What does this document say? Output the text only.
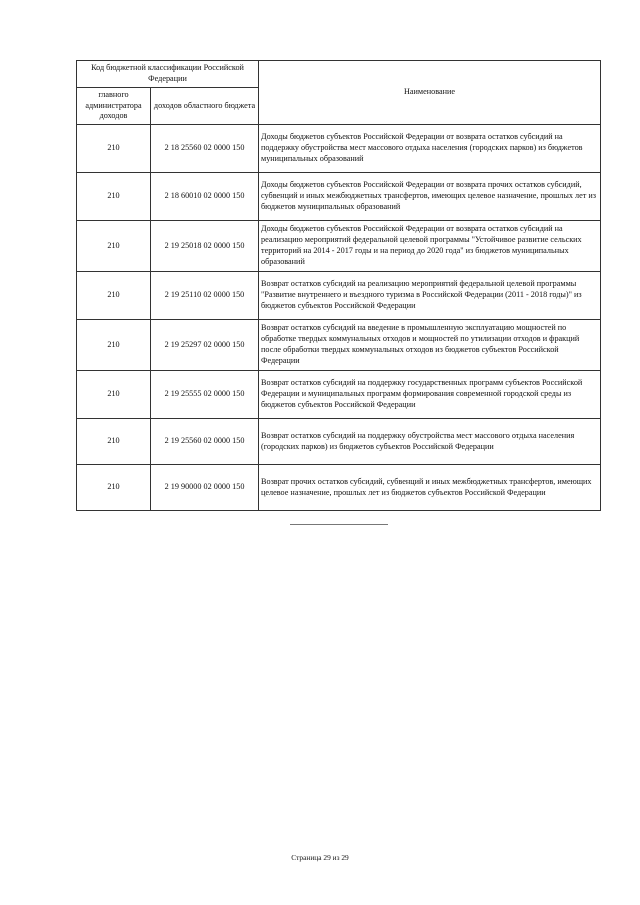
Код бюджетной классификации Российской Федерации		Наименование
главного администратора доходов	доходов областного бюджета	
210	2 18 25560 02 0000 150	Доходы бюджетов субъектов Российской Федерации от возврата остатков субсидий на поддержку обустройства мест массового отдыха населения (городских парков) из бюджетов муниципальных образований
210	2 18 60010 02 0000 150	Доходы бюджетов субъектов Российской Федерации от возврата прочих остатков субсидий, субвенций и иных межбюджетных трансфертов, имеющих целевое назначение, прошлых лет из бюджетов муниципальных образований
210	2 19 25018 02 0000 150	Доходы бюджетов субъектов Российской Федерации от возврата остатков субсидий на реализацию мероприятий федеральной целевой программы "Устойчивое развитие сельских территорий на 2014 - 2017 годы и на период до 2020 года" из бюджетов муниципальных образований
210	2 19 25110 02 0000 150	Возврат остатков субсидий на реализацию мероприятий федеральной целевой программы "Развитие внутреннего и въездного туризма в Российской Федерации (2011 - 2018 годы)" из бюджетов субъектов Российской Федерации
210	2 19 25297 02 0000 150	Возврат остатков субсидий на введение в промышленную эксплуатацию мощностей по обработке твердых коммунальных отходов и мощностей по утилизации отходов и фракций после обработки твердых коммунальных отходов из бюджетов субъектов Российской Федерации
210	2 19 25555 02 0000 150	Возврат остатков субсидий на поддержку государственных программ субъектов Российской Федерации и муниципальных программ формирования современной городской среды из бюджетов субъектов Российской Федерации
210	2 19 25560 02 0000 150	Возврат остатков субсидий на поддержку обустройства мест массового отдыха населения (городских парков) из бюджетов субъектов Российской Федерации
210	2 19 90000 02 0000 150	Возврат прочих остатков субсидий, субвенций и иных межбюджетных трансфертов, имеющих целевое назначение, прошлых лет из бюджетов субъектов Российской Федерации
Страница 29 из 29
